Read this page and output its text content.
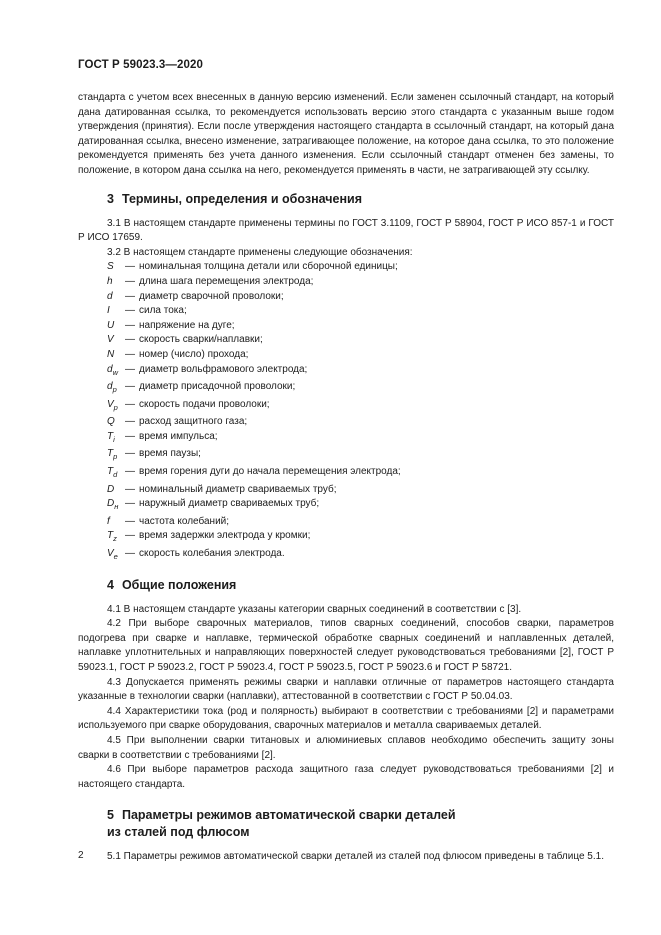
ГОСТ Р 59023.3—2020

стандарта с учетом всех внесенных в данную версию изменений. Если заменен ссылочный стандарт, на который дана датированная ссылка, то рекомендуется использовать версию этого стандарта с указанным выше годом утверждения (принятия). Если после утверждения настоящего стандарта в ссылочный стандарт, на который дана датированная ссылка, внесено изменение, затрагивающее положение, на которое дана ссылка, то это положение рекомендуется применять без учета данного изменения. Если ссылочный стандарт отменен без замены, то положение, в котором дана ссылка на него, рекомендуется применять в части, не затрагивающей эту ссылку.

3 Термины, определения и обозначения

3.1 В настоящем стандарте применены термины по ГОСТ 3.1109, ГОСТ Р 58904, ГОСТ Р ИСО 857-1 и ГОСТ Р ИСО 17659.

3.2 В настоящем стандарте применены следующие обозначения:

S	— номинальная толщина детали или сборочной единицы;
h	— длина шага перемещения электрода;
d	— диаметр сварочной проволоки;
I	— сила тока;
U	— напряжение на дуге;
V	— скорость сварки/наплавки;
N	— номер (число) прохода;
$d_w$ — диаметр вольфрамового электрода;
$d_p$ — диаметр присадочной проволоки;
$V_p$ — скорость подачи проволоки;
Q	— расход защитного газа;
$T_i$	— время импульса;
$T_p$ — время паузы;
$T_d$ — время горения дуги до начала перемещения электрода;
D	— номинальный диаметр свариваемых труб;
$D_н$ — наружный диаметр свариваемых труб;
f	— частота колебаний;
$T_z$ — время задержки электрода у кромки;
$V_e$ — скорость колебания электрода.
4 Общие положения

4.1 В настоящем стандарте указаны категории сварных соединений в соответствии с [3].

4.2 При выборе сварочных материалов, типов сварных соединений, способов сварки, параметров подогрева при сварке и наплавке, термической обработке сварных соединений и наплавленных деталей, наплавке уплотнительных и направляющих поверхностей следует руководствоваться требованиями [2], ГОСТ Р 59023.1, ГОСТ Р 59023.2, ГОСТ Р 59023.4, ГОСТ Р 59023.5, ГОСТ Р 59023.6 и ГОСТ Р 58721.

4.3 Допускается применять режимы сварки и наплавки отличные от параметров настоящего стандарта указанные в технологии сварки (наплавки), аттестованной в соответствии с ГОСТ Р 50.04.03.

4.4 Характеристики тока (род и полярность) выбирают в соответствии с требованиями [2] и параметрами используемого при сварке оборудования, сварочных материалов и металла свариваемых деталей.

4.5 При выполнении сварки титановых и алюминиевых сплавов необходимо обеспечить защиту зоны сварки в соответствии с требованиями [2].

4.6 При выборе параметров расхода защитного газа следует руководствоваться требованиями [2] и настоящего стандарта.

5 Параметры режимов автоматической сварки деталей
из сталей под флюсом

5.1 Параметры режимов автоматической сварки деталей из сталей под флюсом приведены в таблице 5.1.

2
